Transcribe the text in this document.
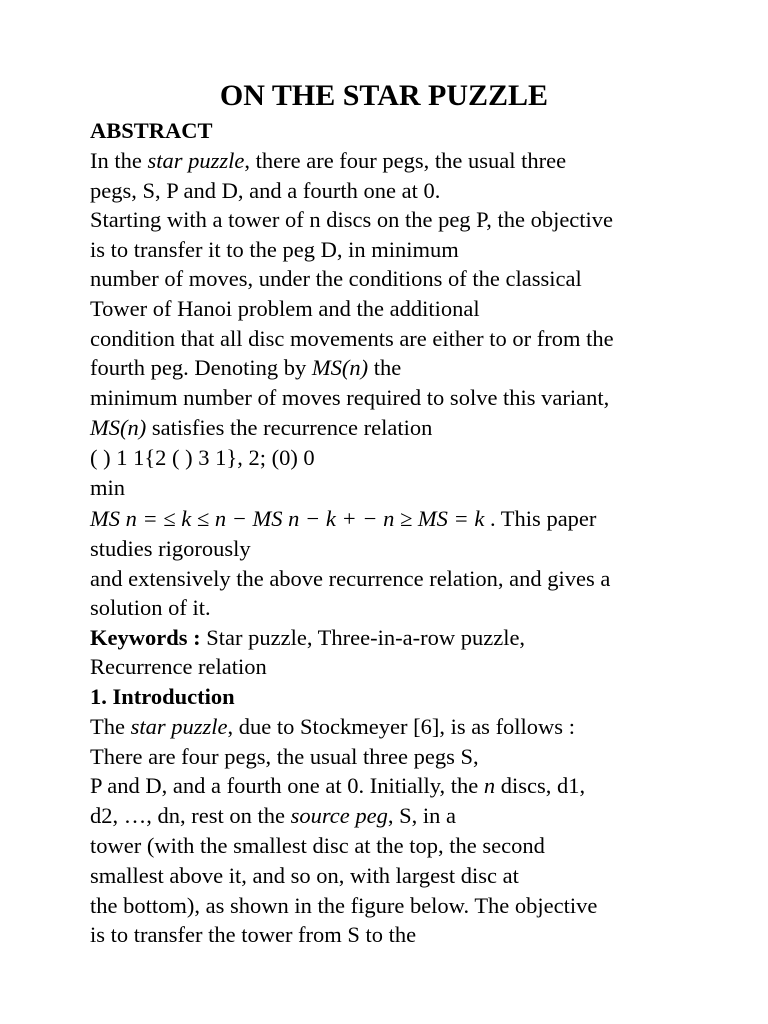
ON THE STAR PUZZLE
ABSTRACT
In the star puzzle, there are four pegs, the usual three
pegs, S, P and D, and a fourth one at 0.
Starting with a tower of n discs on the peg P, the objective
is to transfer it to the peg D, in minimum
number of moves, under the conditions of the classical
Tower of Hanoi problem and the additional
condition that all disc movements are either to or from the
fourth peg. Denoting by MS(n) the
minimum number of moves required to solve this variant,
MS(n) satisfies the recurrence relation
( ) 1 1{2 ( ) 3 1}, 2; (0) 0
min
MS n = ≤ k ≤ n − MS n − k + − n ≥ MS = k . This paper
studies rigorously
and extensively the above recurrence relation, and gives a
solution of it.
Keywords : Star puzzle, Three-in-a-row puzzle,
Recurrence relation
1. Introduction
The star puzzle, due to Stockmeyer [6], is as follows :
There are four pegs, the usual three pegs S,
P and D, and a fourth one at 0. Initially, the n discs, d1,
d2, …, dn, rest on the source peg, S, in a
tower (with the smallest disc at the top, the second
smallest above it, and so on, with largest disc at
the bottom), as shown in the figure below. The objective
is to transfer the tower from S to the
